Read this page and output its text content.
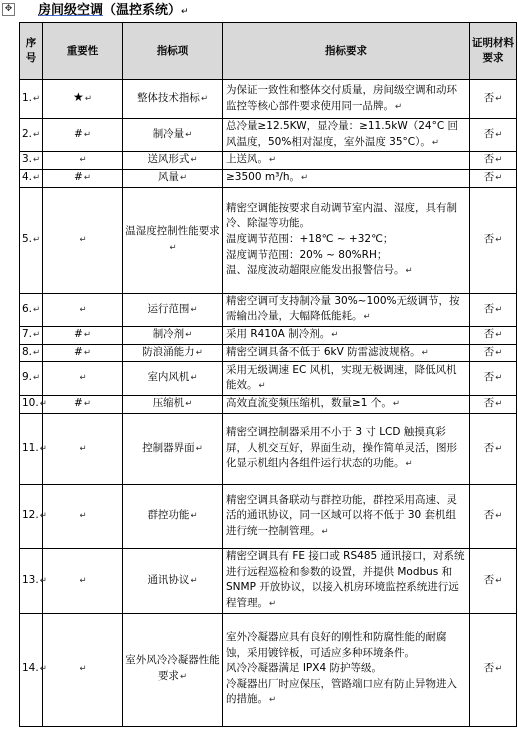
✥ 房间级空调（温控系统）↵
序号	重要性	指标项	指标要求	证明材料要求
1.↵	★↵	整体技术指标↵	为保证一致性和整体交付质量，房间级空调和动环监控等核心部件要求使用同一品牌。↵	否↵
2.↵	#↵	制冷量↵	总冷量≥12.5KW，显冷量：≥11.5kW（24°C 回风温度，50%相对湿度，室外温度 35°C）。↵	否↵
3.↵	↵	送风形式↵	上送风。↵	否↵
4.↵	#↵	风量↵	≥3500 m³/h。↵	否↵
5.↵	↵	温湿度控制性能要求↵	精密空调能按要求自动调节室内温、湿度，具有制冷、除湿等功能。
温度调节范围：+18℃ ~ +32℃；
湿度调节范围：20% ~ 80%RH；
温、湿度波动超限应能发出报警信号。↵	否↵
6.↵	↵	运行范围↵	精密空调可支持制冷量 30%~100%无级调节，按需输出冷量，大幅降低能耗。↵	否↵
7.↵	#↵	制冷剂↵	采用 R410A 制冷剂。↵	否↵
8.↵	#↵	防浪涌能力↵	精密空调具备不低于 6kV 防雷滤波规格。↵	否↵
9.↵	↵	室内风机↵	采用无级调速 EC 风机，实现无极调速，降低风机能效。↵	否↵
10.↵	#↵	压缩机↵	高效直流变频压缩机，数量≥1 个。↵	否↵
11.↵	↵	控制器界面↵	精密空调控制器采用不小于 3 寸 LCD 触摸真彩屏，人机交互好，界面生动，操作简单灵活，图形化显示机组内各组件运行状态的功能。↵	否↵
12.↵	↵	群控功能↵	精密空调具备联动与群控功能，群控采用高速、灵活的通讯协议，同一区域可以将不低于 30 套机组进行统一控制管理。↵	否↵
13.↵	↵	通讯协议↵	精密空调具有 FE 接口或 RS485 通讯接口，对系统进行远程巡检和参数的设置，并提供 Modbus 和 SNMP 开放协议，以接入机房环境监控系统进行远程管理。↵	否↵
14.↵	↵	室外风冷冷凝器性能要求↵	室外冷凝器应具有良好的刚性和防腐性能的耐腐蚀，采用镀锌板，可适应多种环境条件。
风冷冷凝器满足 IPX4 防护等级。
冷凝器出厂时应保压，管路端口应有防止异物进入的措施。↵	否↵
